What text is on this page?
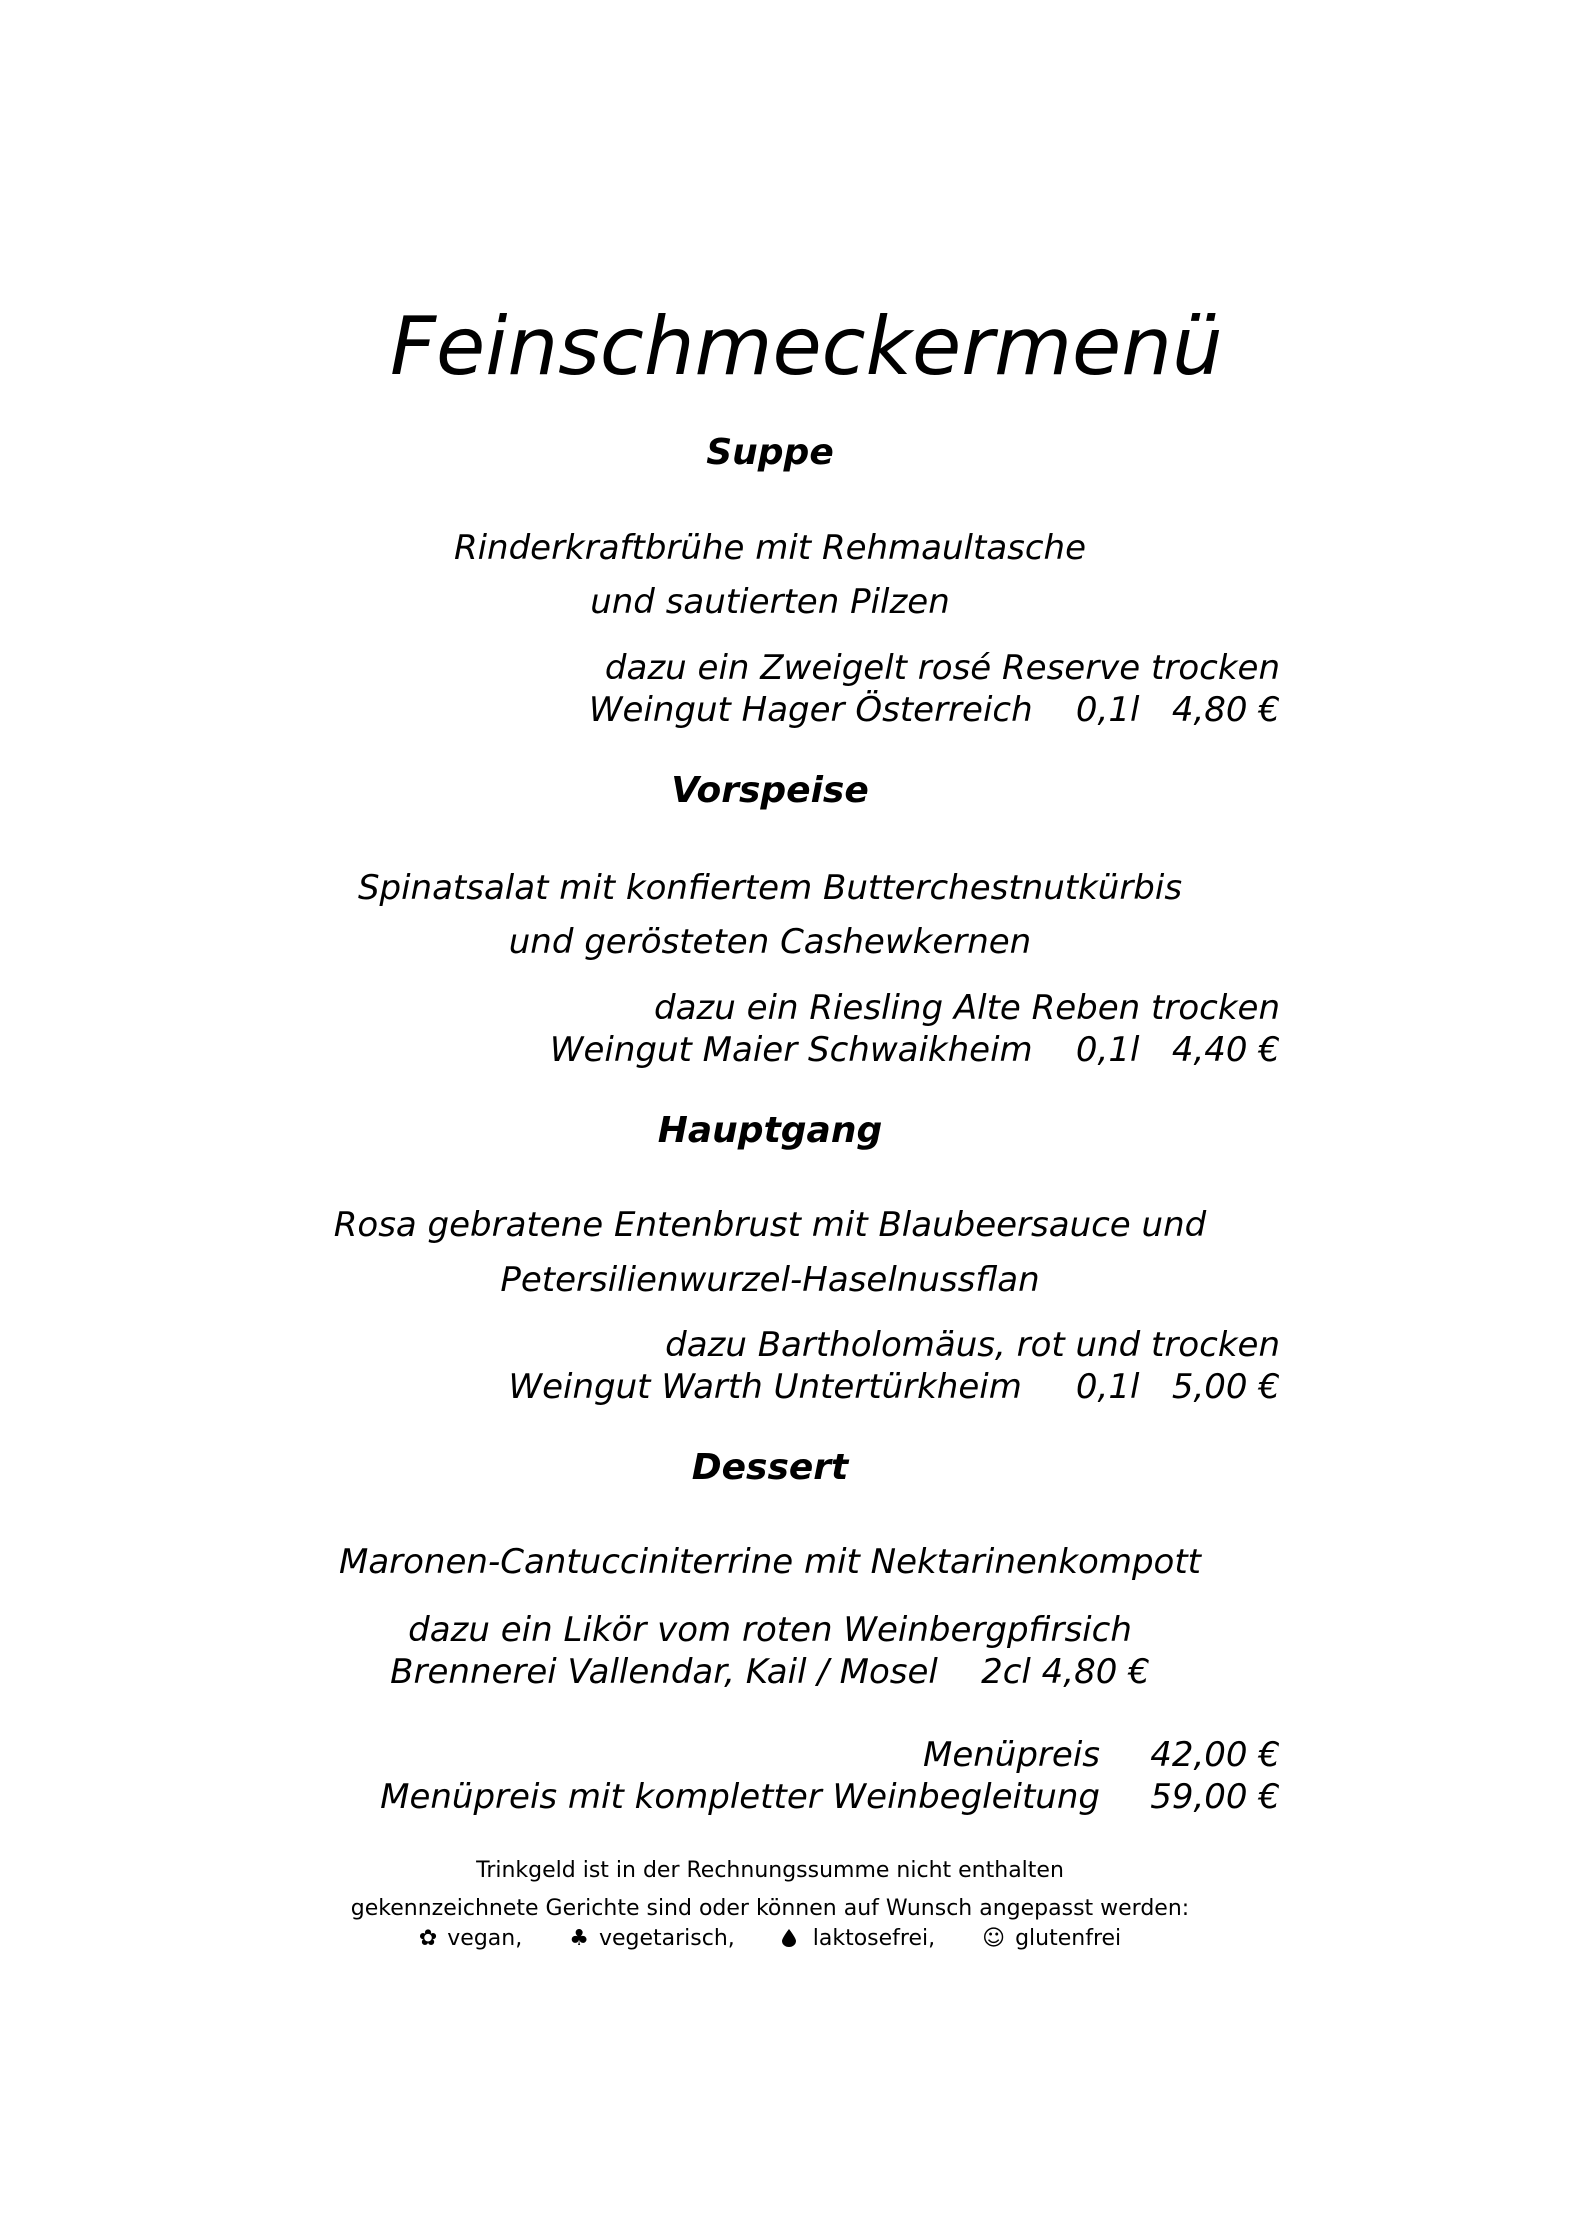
Feinschmeckermenü
Suppe
Rinderkraftbrühe mit Rehmaultasche
und sautierten Pilzen
dazu ein Zweigelt rosé Reserve trocken
Weingut Hager Österreich 0,1l 4,80 €
Vorspeise
Spinatsalat mit konfiertem Butterchestnutkürbis
und gerösteten Cashewkernen
dazu ein Riesling Alte Reben trocken
Weingut Maier Schwaikheim 0,1l 4,40 €
Hauptgang
Rosa gebratene Entenbrust mit Blaubeersauce und
Petersilienwurzel-Haselnussflan
dazu Bartholomäus, rot und trocken
Weingut Warth Untertürkheim 0,1l 5,00 €
Dessert
Maronen-Cantucciniterrine mit Nektarinenkompott
dazu ein Likör vom roten Weinbergpfirsich
Brennerei Vallendar, Kail / Mosel 2cl 4,80 €
Menüpreis 42,00 €
Menüpreis mit kompletter Weinbegleitung 59,00 €
Trinkgeld ist in der Rechnungssumme nicht enthalten
gekennzeichnete Gerichte sind oder können auf Wunsch angepasst werden:
✿ vegan, ♣ vegetarisch,	laktosefrei, ☺ glutenfrei
